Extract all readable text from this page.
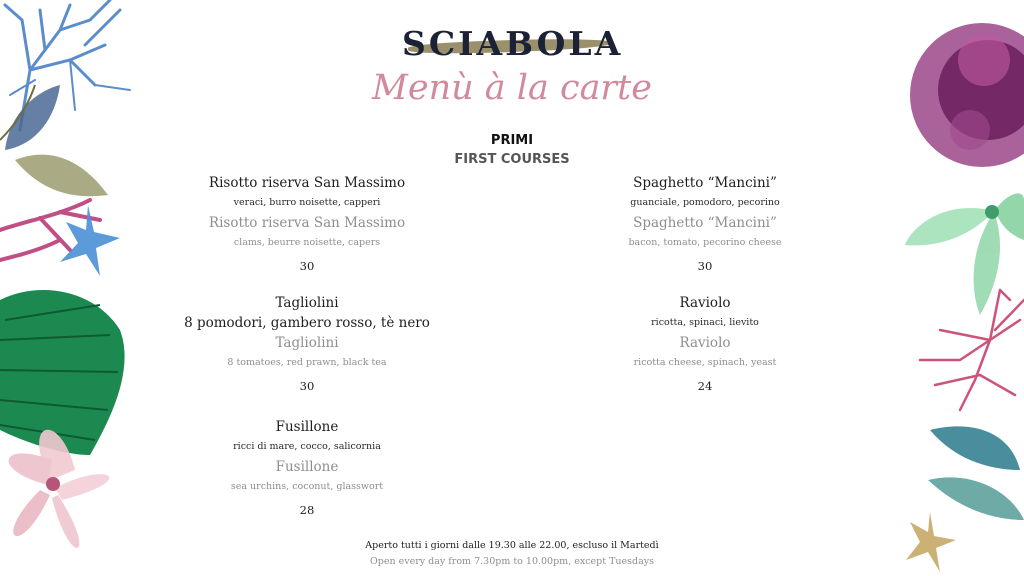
SCIABOLA
Menù à la carte
PRIMI
FIRST COURSES
Risotto riserva San Massimo
veraci, burro noisette, capperi
Risotto riserva San Massimo
clams, beurre noisette, capers
30
Tagliolini
8 pomodori, gambero rosso, tè nero
Tagliolini
8 tomatoes, red prawn, black tea
30
Fusillone
ricci di mare, cocco, salicornia
Fusillone
sea urchins, coconut, glasswort
28
Spaghetto “Mancini”
guanciale, pomodoro, pecorino
Spaghetto “Mancini”
bacon, tomato, pecorino cheese
30
Raviolo
ricotta, spinaci, lievito
Raviolo
ricotta cheese, spinach, yeast
24
Aperto tutti i giorni dalle 19.30 alle 22.00, escluso il Martedì
Open every day from 7.30pm to 10.00pm, except Tuesdays
